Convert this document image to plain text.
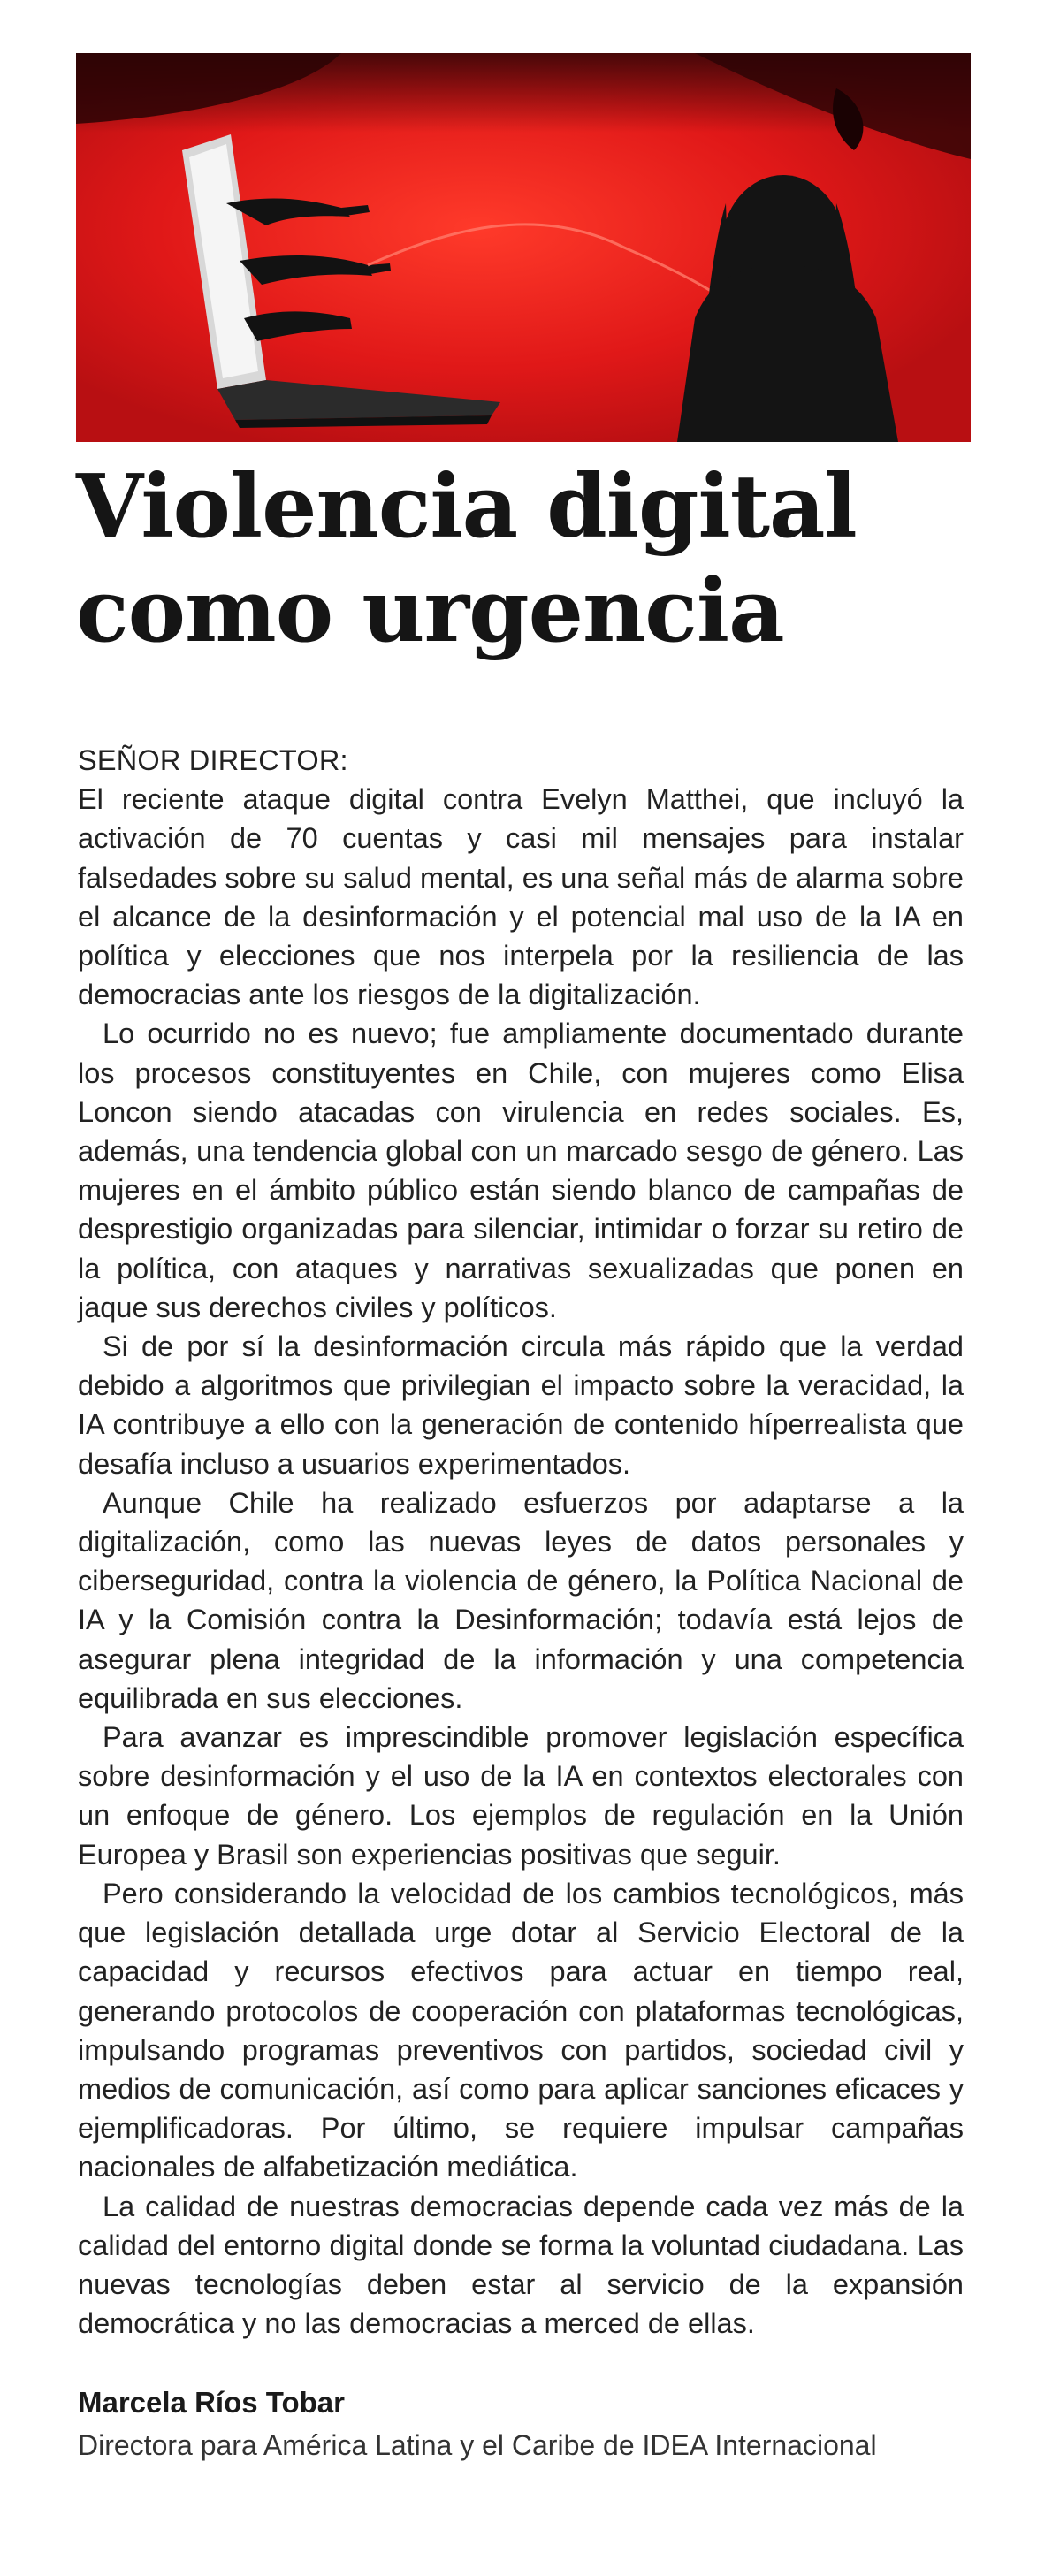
Violencia digital
como urgencia

SEÑOR DIRECTOR:

El reciente ataque digital contra Evelyn Matthei, que incluyó la activación de 70 cuentas y casi mil mensajes para instalar falsedades sobre su salud mental, es una señal más de alarma sobre el alcance de la desinformación y el potencial mal uso de la IA en política y elecciones que nos interpela por la resiliencia de las democracias ante los riesgos de la digitalización.

Lo ocurrido no es nuevo; fue ampliamente documentado durante los procesos constituyentes en Chile, con mujeres como Elisa Loncon siendo atacadas con virulencia en redes sociales. Es, además, una tendencia global con un marcado sesgo de género. Las mujeres en el ámbito público están siendo blanco de campañas de desprestigio organizadas para silenciar, intimidar o forzar su retiro de la política, con ataques y narrativas sexualizadas que ponen en jaque sus derechos civiles y políticos.

Si de por sí la desinformación circula más rápido que la verdad debido a algoritmos que privilegian el impacto sobre la veracidad, la IA contribuye a ello con la generación de contenido híperrealista que desafía incluso a usuarios experimentados.

Aunque Chile ha realizado esfuerzos por adaptarse a la digitalización, como las nuevas leyes de datos personales y ciberseguridad, contra la violencia de género, la Política Nacional de IA y la Comisión contra la Desinformación; todavía está lejos de asegurar plena integridad de la información y una competencia equilibrada en sus elecciones.

Para avanzar es imprescindible promover legislación específica sobre desinformación y el uso de la IA en contextos electorales con un enfoque de género. Los ejemplos de regulación en la Unión Europea y Brasil son experiencias positivas que seguir.

Pero considerando la velocidad de los cambios tecnológicos, más que legislación detallada urge dotar al Servicio Electoral de la capacidad y recursos efectivos para actuar en tiempo real, generando protocolos de cooperación con plataformas tecnológicas, impulsando programas preventivos con partidos, sociedad civil y medios de comunicación, así como para aplicar sanciones eficaces y ejemplificadoras. Por último, se requiere impulsar campañas nacionales de alfabetización mediática.

La calidad de nuestras democracias depende cada vez más de la calidad del entorno digital donde se forma la voluntad ciudadana. Las nuevas tecnologías deben estar al servicio de la expansión democrática y no las democracias a merced de ellas.

Marcela Ríos Tobar
Directora para América Latina y el Caribe de IDEA Internacional
